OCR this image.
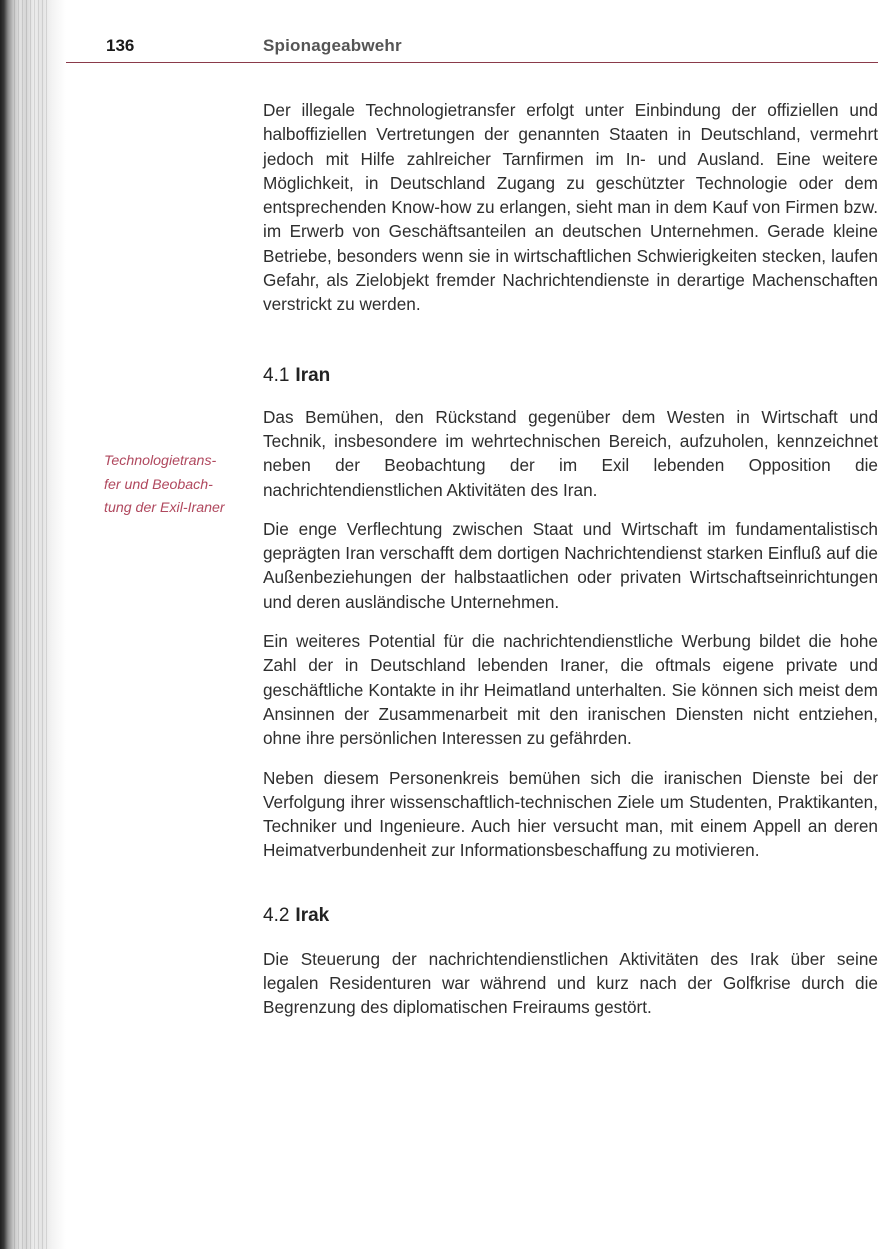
136	Spionageabwehr
Technologietrans-
fer und Beobach-
tung der Exil-Iraner

Der illegale Technologietransfer erfolgt unter Einbindung der offiziellen und halboffiziellen Vertretungen der genannten Staaten in Deutschland, vermehrt jedoch mit Hilfe zahlreicher Tarnfirmen im In- und Ausland. Eine weitere Möglichkeit, in Deutschland Zugang zu geschützter Technologie oder dem entsprechenden Know-how zu erlangen, sieht man in dem Kauf von Firmen bzw. im Erwerb von Geschäftsanteilen an deutschen Unternehmen. Gerade kleine Betriebe, besonders wenn sie in wirtschaftlichen Schwierigkeiten stecken, laufen Gefahr, als Zielobjekt fremder Nachrichtendienste in derartige Machenschaften verstrickt zu werden.

4.1 Iran

Das Bemühen, den Rückstand gegenüber dem Westen in Wirtschaft und Technik, insbesondere im wehrtechnischen Bereich, aufzuholen, kennzeichnet neben der Beobachtung der im Exil lebenden Opposition die nachrichtendienstlichen Aktivitäten des Iran.

Die enge Verflechtung zwischen Staat und Wirtschaft im fundamentalistisch geprägten Iran verschafft dem dortigen Nachrichtendienst starken Einfluß auf die Außenbeziehungen der halbstaatlichen oder privaten Wirtschaftseinrichtungen und deren ausländische Unternehmen.

Ein weiteres Potential für die nachrichtendienstliche Werbung bildet die hohe Zahl der in Deutschland lebenden Iraner, die oftmals eigene private und geschäftliche Kontakte in ihr Heimatland unterhalten. Sie können sich meist dem Ansinnen der Zusammenarbeit mit den iranischen Diensten nicht entziehen, ohne ihre persönlichen Interessen zu gefährden.

Neben diesem Personenkreis bemühen sich die iranischen Dienste bei der Verfolgung ihrer wissenschaftlich-technischen Ziele um Studenten, Praktikanten, Techniker und Ingenieure. Auch hier versucht man, mit einem Appell an deren Heimatverbundenheit zur Informationsbeschaffung zu motivieren.

4.2 Irak

Die Steuerung der nachrichtendienstlichen Aktivitäten des Irak über seine legalen Residenturen war während und kurz nach der Golfkrise durch die Begrenzung des diplomatischen Freiraums gestört.
